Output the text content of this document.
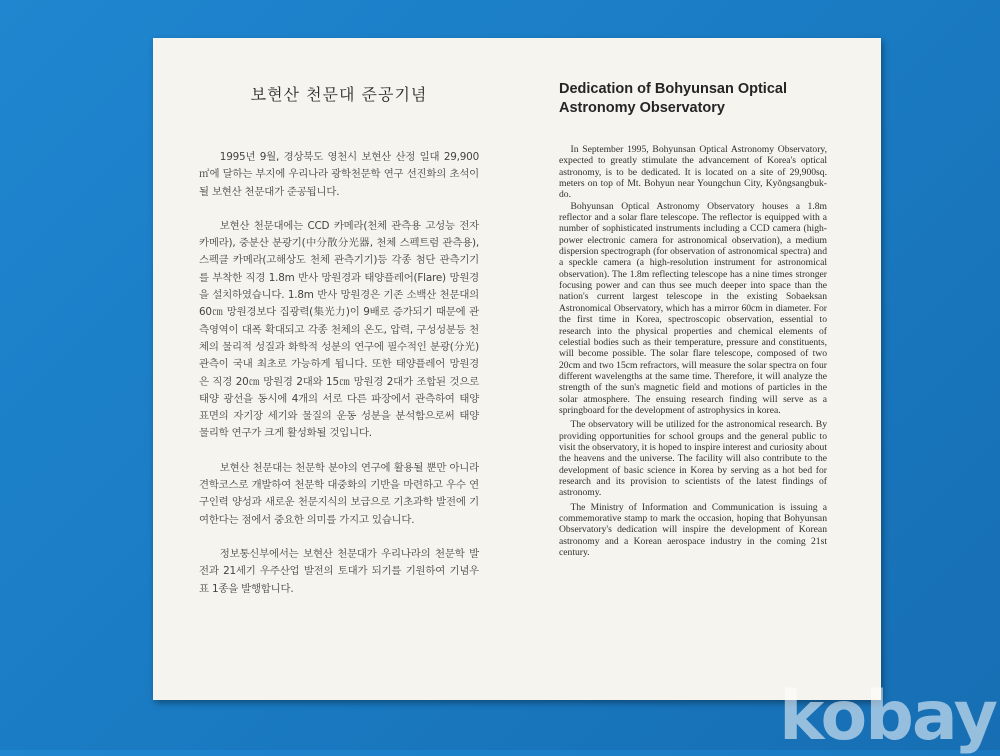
보현산 천문대 준공기념

1995년 9월, 경상북도 영천시 보현산 산정 일대 29,900㎡에 달하는 부지에 우리나라 광학천문학 연구 선진화의 초석이 될 보현산 천문대가 준공됩니다.

보현산 천문대에는 CCD 카메라(천체 관측용 고성능 전자 카메라), 중분산 분광기(中分散分光器, 천체 스펙트럼 관측용), 스펙클 카메라(고해상도 천체 관측기기)등 각종 첨단 관측기기를 부착한 직경 1.8m 반사 망원경과 태양플레어(Flare) 망원경을 설치하였습니다. 1.8m 반사 망원경은 기존 소백산 천문대의 60㎝ 망원경보다 집광력(集光力)이 9배로 증가되기 때문에 관측영역이 대폭 확대되고 각종 천체의 온도, 압력, 구성성분등 천체의 물리적 성질과 화학적 성분의 연구에 필수적인 분광(分光) 관측이 국내 최초로 가능하게 됩니다. 또한 태양플레어 망원경은 직경 20㎝ 망원경 2대와 15㎝ 망원경 2대가 조합된 것으로 태양 광선을 동시에 4개의 서로 다른 파장에서 관측하여 태양 표면의 자기장 세기와 물질의 운동 성분을 분석함으로써 태양 물리학 연구가 크게 활성화될 것입니다.

보현산 천문대는 천문학 분야의 연구에 활용될 뿐만 아니라 견학코스로 개발하여 천문학 대중화의 기반을 마련하고 우수 연구인력 양성과 새로운 천문지식의 보급으로 기초과학 발전에 기여한다는 점에서 중요한 의미를 가지고 있습니다.

정보통신부에서는 보현산 천문대가 우리나라의 천문학 발전과 21세기 우주산업 발전의 토대가 되기를 기원하여 기념우표 1종을 발행합니다.

Dedication of Bohyunsan Optical Astronomy Observatory

In September 1995, Bohyunsan Optical Astronomy Observatory, expected to greatly stimulate the advancement of Korea's optical astronomy, is to be dedicated. It is located on a site of 29,900sq. meters on top of Mt. Bohyun near Youngchun City, Kyŏngsangbuk-do.

Bohyunsan Optical Astronomy Observatory houses a 1.8m reflector and a solar flare telescope. The reflector is equipped with a number of sophisticated instruments including a CCD camera (high-power electronic camera for astronomical observation), a medium dispersion spectrograph (for observation of astronomical spectra) and a speckle camera (a high-resolution instrument for astronomical observation). The 1.8m reflecting telescope has a nine times stronger focusing power and can thus see much deeper into space than the nation's current largest telescope in the existing Sobaeksan Astronomical Observatory, which has a mirror 60cm in diameter. For the first time in Korea, spectroscopic observation, essential to research into the physical properties and chemical elements of celestial bodies such as their temperature, pressure and constituents, will become possible. The solar flare telescope, composed of two 20cm and two 15cm refractors, will measure the solar spectra on four different wavelengths at the same time. Therefore, it will analyze the strength of the sun's magnetic field and motions of particles in the solar atmosphere. The ensuing research finding will serve as a springboard for the development of astrophysics in korea.

The observatory will be utilized for the astronomical research. By providing opportunities for school groups and the general public to visit the observatory, it is hoped to inspire interest and curiosity about the heavens and the universe. The facility will also contribute to the development of basic science in Korea by serving as a hot bed for research and its provision to scientists of the latest findings of astronomy.

The Ministry of Information and Communication is issuing a commemorative stamp to mark the occasion, hoping that Bohyunsan Observatory's dedication will inspire the development of Korean astronomy and a Korean aerospace industry in the coming 21st century.

kobay
